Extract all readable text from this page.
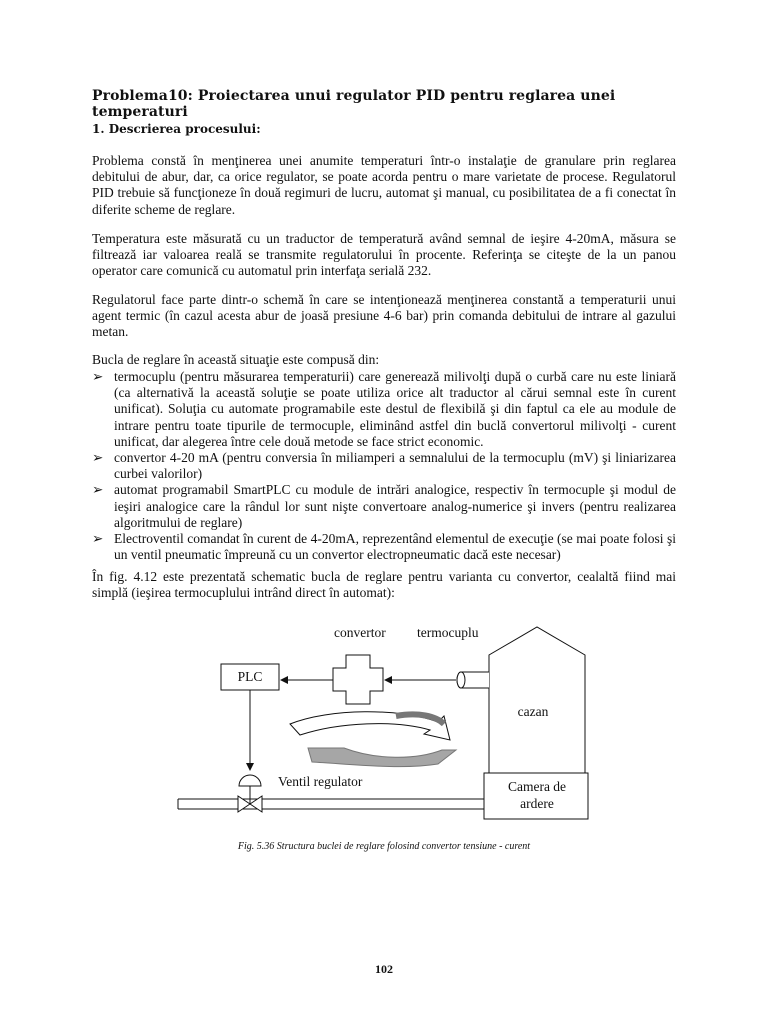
Problema10: Proiectarea unui regulator PID pentru reglarea unei temperaturi
1. Descrierea procesului:

Problema constă în menţinerea unei anumite temperaturi într-o instalaţie de granulare prin reglarea debitului de abur, dar, ca orice regulator, se poate acorda pentru o mare varietate de procese. Regulatorul PID trebuie să funcţioneze în două regimuri de lucru, automat şi manual, cu posibilitatea de a fi conectat în diferite scheme de reglare.

Temperatura este măsurată cu un traductor de temperatură având semnal de ieşire 4-20mA, măsura se filtrează iar valoarea reală se transmite regulatorului în procente. Referinţa se citeşte de la un panou operator care comunică cu automatul prin interfaţa serială 232.

Regulatorul face parte dintr-o schemă în care se intenţionează menţinerea constantă a temperaturii unui agent termic (în cazul acesta abur de joasă presiune 4-6 bar) prin comanda debitului de intrare al gazului metan.

Bucla de reglare în această situaţie este compusă din:

➢ termocuplu (pentru măsurarea temperaturii) care generează milivolţi după o curbă care nu este liniară (ca alternativă la această soluţie se poate utiliza orice alt traductor al cărui semnal este în curent unificat). Soluţia cu automate programabile este destul de flexibilă şi din faptul ca ele au module de intrare pentru toate tipurile de termocuple, eliminând astfel din buclă convertorul milivolţi - curent unificat, dar alegerea între cele două metode se face strict economic.
➢ convertor 4-20 mA (pentru conversia în miliamperi a semnalului de la termocuplu (mV) şi liniarizarea curbei valorilor)
➢ automat programabil SmartPLC cu module de intrări analogice, respectiv în termocuple şi modul de ieşiri analogice care la rândul lor sunt nişte convertoare analog-numerice şi invers (pentru realizarea algoritmului de reglare)
➢ Electroventil comandat în curent de 4-20mA, reprezentând elementul de execuţie (se mai poate folosi şi un ventil pneumatic împreună cu un convertor electropneumatic dacă este necesar)

În fig. 4.12 este prezentată schematic bucla de reglare pentru varianta cu convertor, cealaltă fiind mai simplă (ieşirea termocuplului intrând direct în automat):

convertor termocuplu
PLC
cazan
Ventil regulator	Camera de
ardere
Fig. 5.36 Structura buclei de reglare folosind convertor tensiune - curent
102
